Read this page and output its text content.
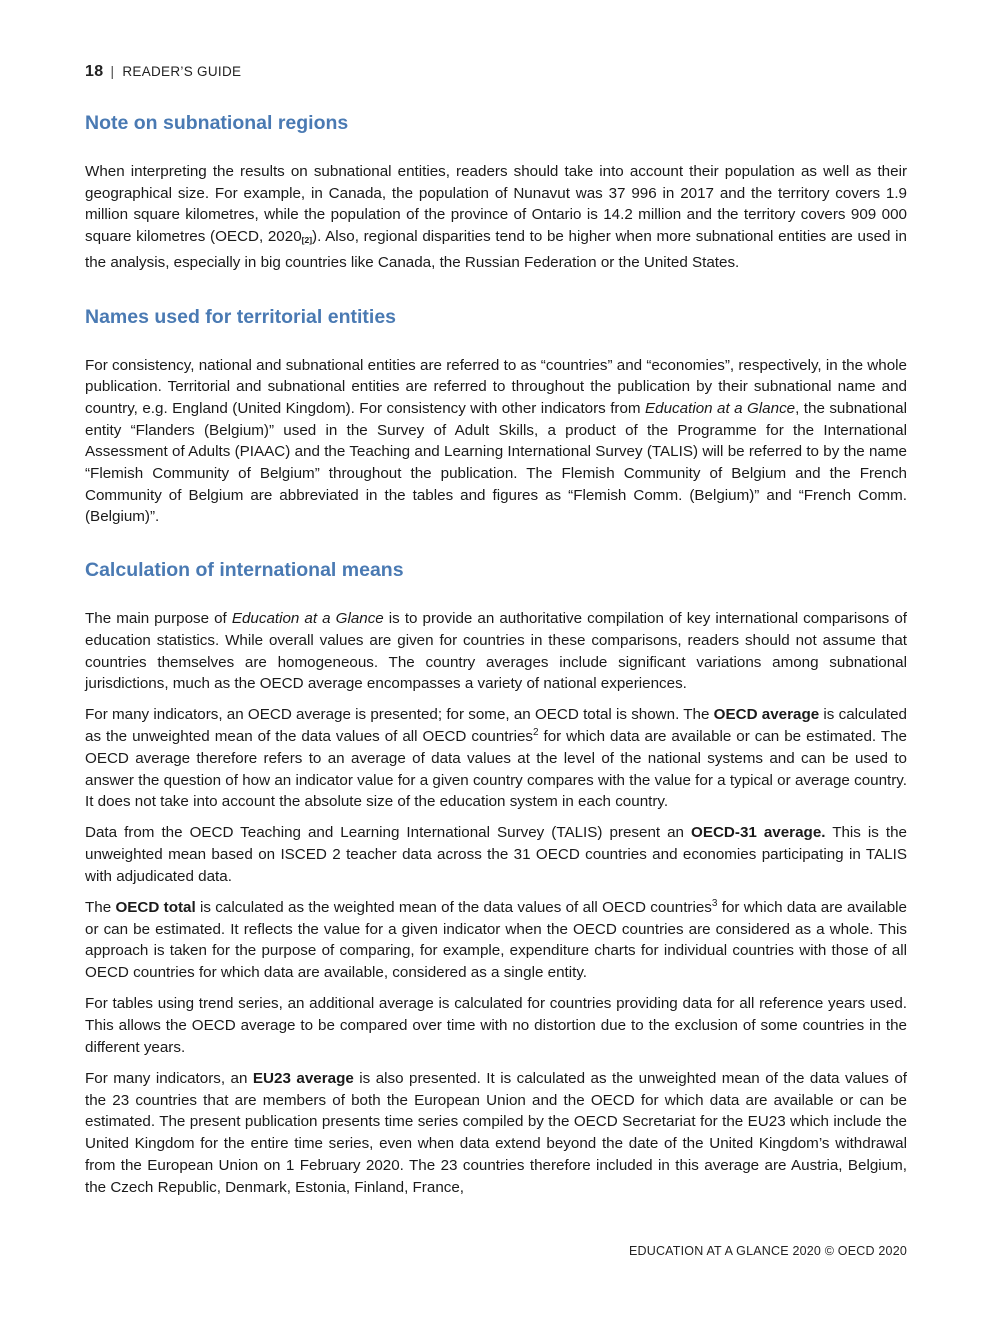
18 | READER’S GUIDE
Note on subnational regions

When interpreting the results on subnational entities, readers should take into account their population as well as their geographical size. For example, in Canada, the population of Nunavut was 37 996 in 2017 and the territory covers 1.9 million square kilometres, while the population of the province of Ontario is 14.2 million and the territory covers 909 000 square kilometres (OECD, 2020[2]). Also, regional disparities tend to be higher when more subnational entities are used in the analysis, especially in big countries like Canada, the Russian Federation or the United States.

Names used for territorial entities

For consistency, national and subnational entities are referred to as “countries” and “economies”, respectively, in the whole publication. Territorial and subnational entities are referred to throughout the publication by their subnational name and country, e.g. England (United Kingdom). For consistency with other indicators from Education at a Glance, the subnational entity “Flanders (Belgium)” used in the Survey of Adult Skills, a product of the Programme for the International Assessment of Adults (PIAAC) and the Teaching and Learning International Survey (TALIS) will be referred to by the name “Flemish Community of Belgium” throughout the publication. The Flemish Community of Belgium and the French Community of Belgium are abbreviated in the tables and figures as “Flemish Comm. (Belgium)” and “French Comm. (Belgium)”.

Calculation of international means

The main purpose of Education at a Glance is to provide an authoritative compilation of key international comparisons of education statistics. While overall values are given for countries in these comparisons, readers should not assume that countries themselves are homogeneous. The country averages include significant variations among subnational jurisdictions, much as the OECD average encompasses a variety of national experiences.

For many indicators, an OECD average is presented; for some, an OECD total is shown. The OECD average is calculated as the unweighted mean of the data values of all OECD countries$^2$ for which data are available or can be estimated. The OECD average therefore refers to an average of data values at the level of the national systems and can be used to answer the question of how an indicator value for a given country compares with the value for a typical or average country. It does not take into account the absolute size of the education system in each country.

Data from the OECD Teaching and Learning International Survey (TALIS) present an OECD-31 average. This is the unweighted mean based on ISCED 2 teacher data across the 31 OECD countries and economies participating in TALIS with adjudicated data.

The OECD total is calculated as the weighted mean of the data values of all OECD countries$^3$ for which data are available or can be estimated. It reflects the value for a given indicator when the OECD countries are considered as a whole. This approach is taken for the purpose of comparing, for example, expenditure charts for individual countries with those of all OECD countries for which data are available, considered as a single entity.

For tables using trend series, an additional average is calculated for countries providing data for all reference years used. This allows the OECD average to be compared over time with no distortion due to the exclusion of some countries in the different years.

For many indicators, an EU23 average is also presented. It is calculated as the unweighted mean of the data values of the 23 countries that are members of both the European Union and the OECD for which data are available or can be estimated. The present publication presents time series compiled by the OECD Secretariat for the EU23 which include the United Kingdom for the entire time series, even when data extend beyond the date of the United Kingdom’s withdrawal from the European Union on 1 February 2020. The 23 countries therefore included in this average are Austria, Belgium, the Czech Republic, Denmark, Estonia, Finland, France,

EDUCATION AT A GLANCE 2020 © OECD 2020
